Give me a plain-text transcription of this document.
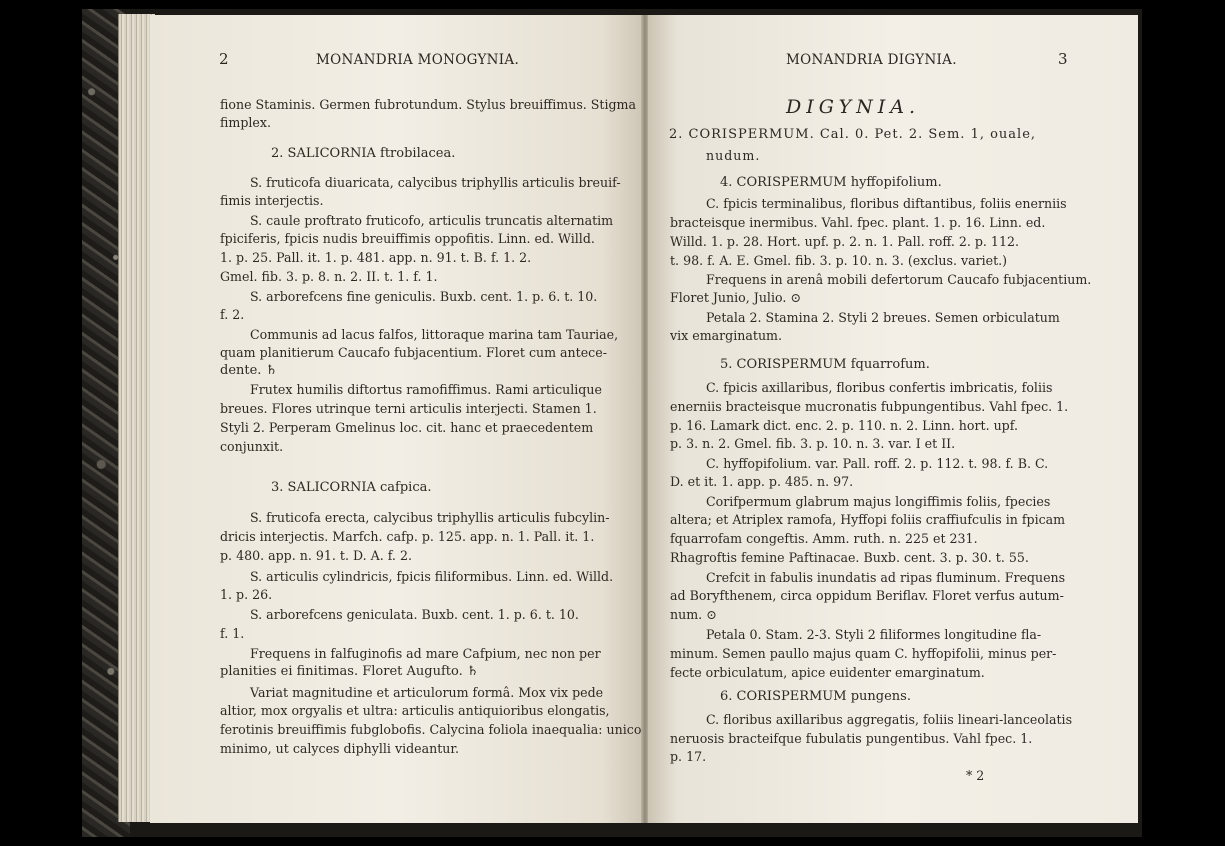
2	MONANDRIA MONOGYNIA.
fione Staminis. Germen fubrotundum. Stylus breuiffimus. Stigma
fimplex.
2. SALICORNIA ftrobilacea.
S. fruticofa diuaricata, calycibus triphyllis articulis breuif-
fimis interjectis.
S. caule proftrato fruticofo, articulis truncatis alternatim
fpiciferis, fpicis nudis breuiffimis oppofitis. Linn. ed. Willd.
1. p. 25. Pall. it. 1. p. 481. app. n. 91. t. B. f. 1. 2.
Gmel. fib. 3. p. 8. n. 2. II. t. 1. f. 1.
S. arborefcens fine geniculis. Buxb. cent. 1. p. 6. t. 10.
f. 2.
Communis ad lacus falfos, littoraque marina tam Tauriae,
quam planitierum Caucafo fubjacentium. Floret cum antece-
dente. ♄
Frutex humilis diftortus ramofiffimus. Rami articulique
breues. Flores utrinque terni articulis interjecti. Stamen 1.
Styli 2. Perperam Gmelinus loc. cit. hanc et praecedentem
conjunxit.
3. SALICORNIA cafpica.
S. fruticofa erecta, calycibus triphyllis articulis fubcylin-
dricis interjectis. Marfch. cafp. p. 125. app. n. 1. Pall. it. 1.
p. 480. app. n. 91. t. D. A. f. 2.
S. articulis cylindricis, fpicis filiformibus. Linn. ed. Willd.
1. p. 26.
S. arborefcens geniculata. Buxb. cent. 1. p. 6. t. 10.
f. 1.
Frequens in falfuginofis ad mare Cafpium, nec non per
planities ei finitimas. Floret Augufto. ♄
Variat magnitudine et articulorum formâ. Mox vix pede
altior, mox orgyalis et ultra: articulis antiquioribus elongatis,
ferotinis breuiffimis fubglobofis. Calycina foliola inaequalia: unico
minimo, ut calyces diphylli videantur.
MONANDRIA DIGYNIA.	3
DIGYNIA.
2. CORISPERMUM. Cal. 0. Pet. 2. Sem. 1, ouale,
nudum.
4. CORISPERMUM hyffopifolium.
C. fpicis terminalibus, floribus diftantibus, foliis enerniis
bracteisque inermibus. Vahl. fpec. plant. 1. p. 16. Linn. ed.
Willd. 1. p. 28. Hort. upf. p. 2. n. 1. Pall. roff. 2. p. 112.
t. 98. f. A. E. Gmel. fib. 3. p. 10. n. 3. (exclus. variet.)
Frequens in arenâ mobili defertorum Caucafo fubjacentium.
Floret Junio, Julio. ⊙
Petala 2. Stamina 2. Styli 2 breues. Semen orbiculatum
vix emarginatum.
5. CORISPERMUM fquarrofum.
C. fpicis axillaribus, floribus confertis imbricatis, foliis
enerniis bracteisque mucronatis fubpungentibus. Vahl fpec. 1.
p. 16. Lamark dict. enc. 2. p. 110. n. 2. Linn. hort. upf.
p. 3. n. 2. Gmel. fib. 3. p. 10. n. 3. var. I et II.
C. hyffopifolium. var. Pall. roff. 2. p. 112. t. 98. f. B. C.
D. et it. 1. app. p. 485. n. 97.
Corifpermum glabrum majus longiffimis foliis, fpecies
altera; et Atriplex ramofa, Hyffopi foliis craffiufculis in fpicam
fquarrofam congeftis. Amm. ruth. n. 225 et 231.
Rhagroftis femine Paftinacae. Buxb. cent. 3. p. 30. t. 55.
Crefcit in fabulis inundatis ad ripas fluminum. Frequens
ad Boryfthenem, circa oppidum Beriflav. Floret verfus autum-
num. ⊙
Petala 0. Stam. 2-3. Styli 2 filiformes longitudine fla-
minum. Semen paullo majus quam C. hyffopifolii, minus per-
fecte orbiculatum, apice euidenter emarginatum.
6. CORISPERMUM pungens.
C. floribus axillaribus aggregatis, foliis lineari-lanceolatis
neruosis bracteifque fubulatis pungentibus. Vahl fpec. 1.
p. 17.
* 2
